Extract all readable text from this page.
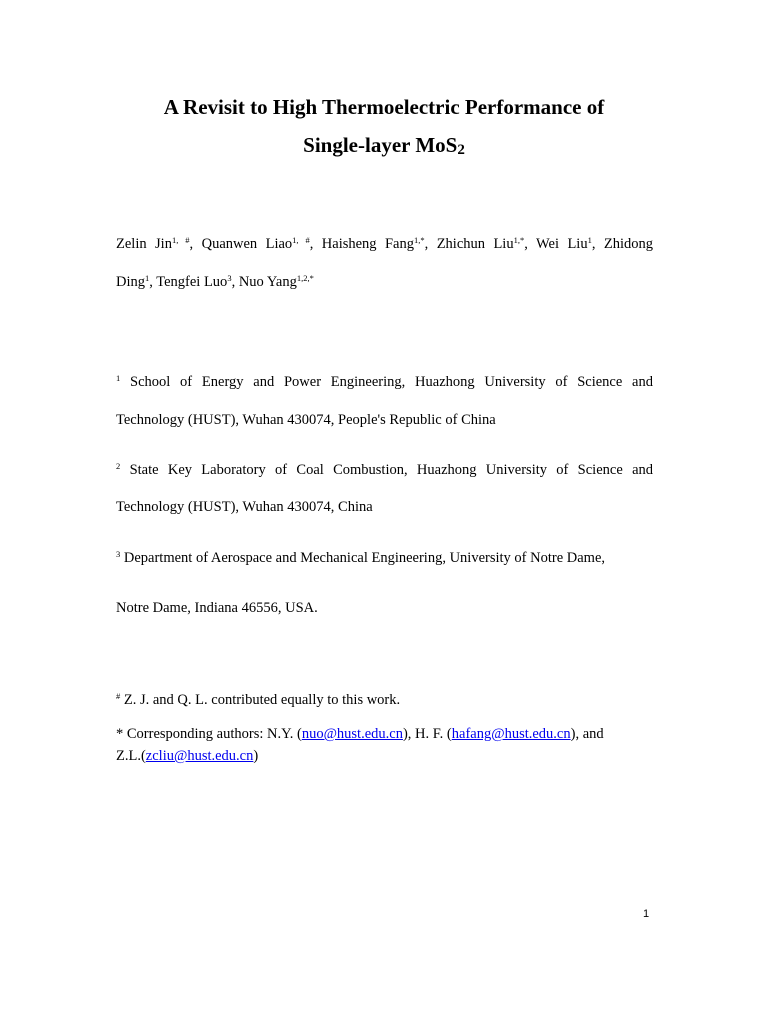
A Revisit to High Thermoelectric Performance of
Single-layer MoS$_2$

Zelin Jin$^{1, \#}$, Quanwen Liao$^{1, \#}$, Haisheng Fang$^{1,*}$, Zhichun Liu$^{1,*}$, Wei Liu$^1$, Zhidong

Ding$^1$, Tengfei Luo$^3$, Nuo Yang$^{1,2,*}$

$^1$ School of Energy and Power Engineering, Huazhong University of Science and

Technology (HUST), Wuhan 430074, People's Republic of China

$^2$ State Key Laboratory of Coal Combustion, Huazhong University of Science and

Technology (HUST), Wuhan 430074, China

$^3$ Department of Aerospace and Mechanical Engineering, University of Notre Dame,

Notre Dame, Indiana 46556, USA.

# Z. J. and Q. L. contributed equally to this work.

* Corresponding authors: N.Y. (nuo@hust.edu.cn), H. F. (hafang@hust.edu.cn), and

Z.L.(zcliu@hust.edu.cn)

1
